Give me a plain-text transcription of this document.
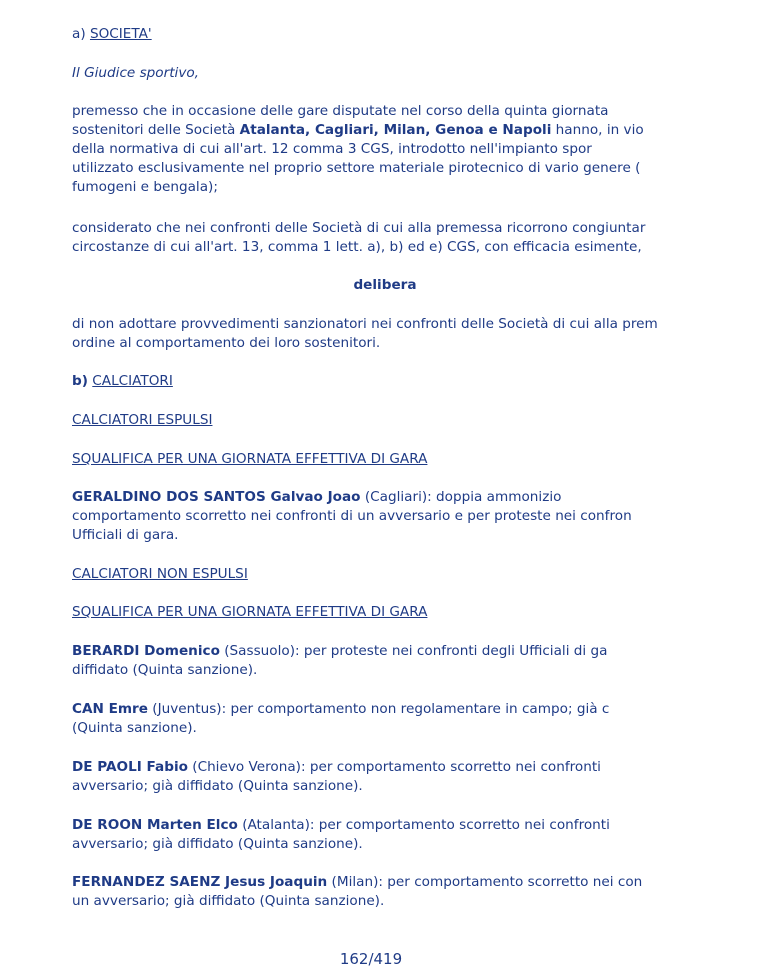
a) SOCIETA'
Il Giudice sportivo,
premesso che in occasione delle gare disputate nel corso della quinta giornata
sostenitori delle Società Atalanta, Cagliari, Milan, Genoa e Napoli hanno, in vio
della normativa di cui all'art. 12 comma 3 CGS, introdotto nell'impianto spor
utilizzato esclusivamente nel proprio settore materiale pirotecnico di vario genere (
fumogeni e bengala);
considerato che nei confronti delle Società di cui alla premessa ricorrono congiuntar
circostanze di cui all'art. 13, comma 1 lett. a), b) ed e) CGS, con efficacia esimente,
delibera
di non adottare provvedimenti sanzionatori nei confronti delle Società di cui alla prem
ordine al comportamento dei loro sostenitori.
b) CALCIATORI
CALCIATORI ESPULSI
SQUALIFICA PER UNA GIORNATA EFFETTIVA DI GARA
GERALDINO DOS SANTOS Galvao Joao (Cagliari): doppia ammonizio
comportamento scorretto nei confronti di un avversario e per proteste nei confron
Ufficiali di gara.
CALCIATORI NON ESPULSI
SQUALIFICA PER UNA GIORNATA EFFETTIVA DI GARA
BERARDI Domenico (Sassuolo): per proteste nei confronti degli Ufficiali di ga
diffidato (Quinta sanzione).
CAN Emre (Juventus): per comportamento non regolamentare in campo; già c
(Quinta sanzione).
DE PAOLI Fabio (Chievo Verona): per comportamento scorretto nei confronti
avversario; già diffidato (Quinta sanzione).
DE ROON Marten Elco (Atalanta): per comportamento scorretto nei confronti
avversario; già diffidato (Quinta sanzione).
FERNANDEZ SAENZ Jesus Joaquin (Milan): per comportamento scorretto nei con
un avversario; già diffidato (Quinta sanzione).
162/419
